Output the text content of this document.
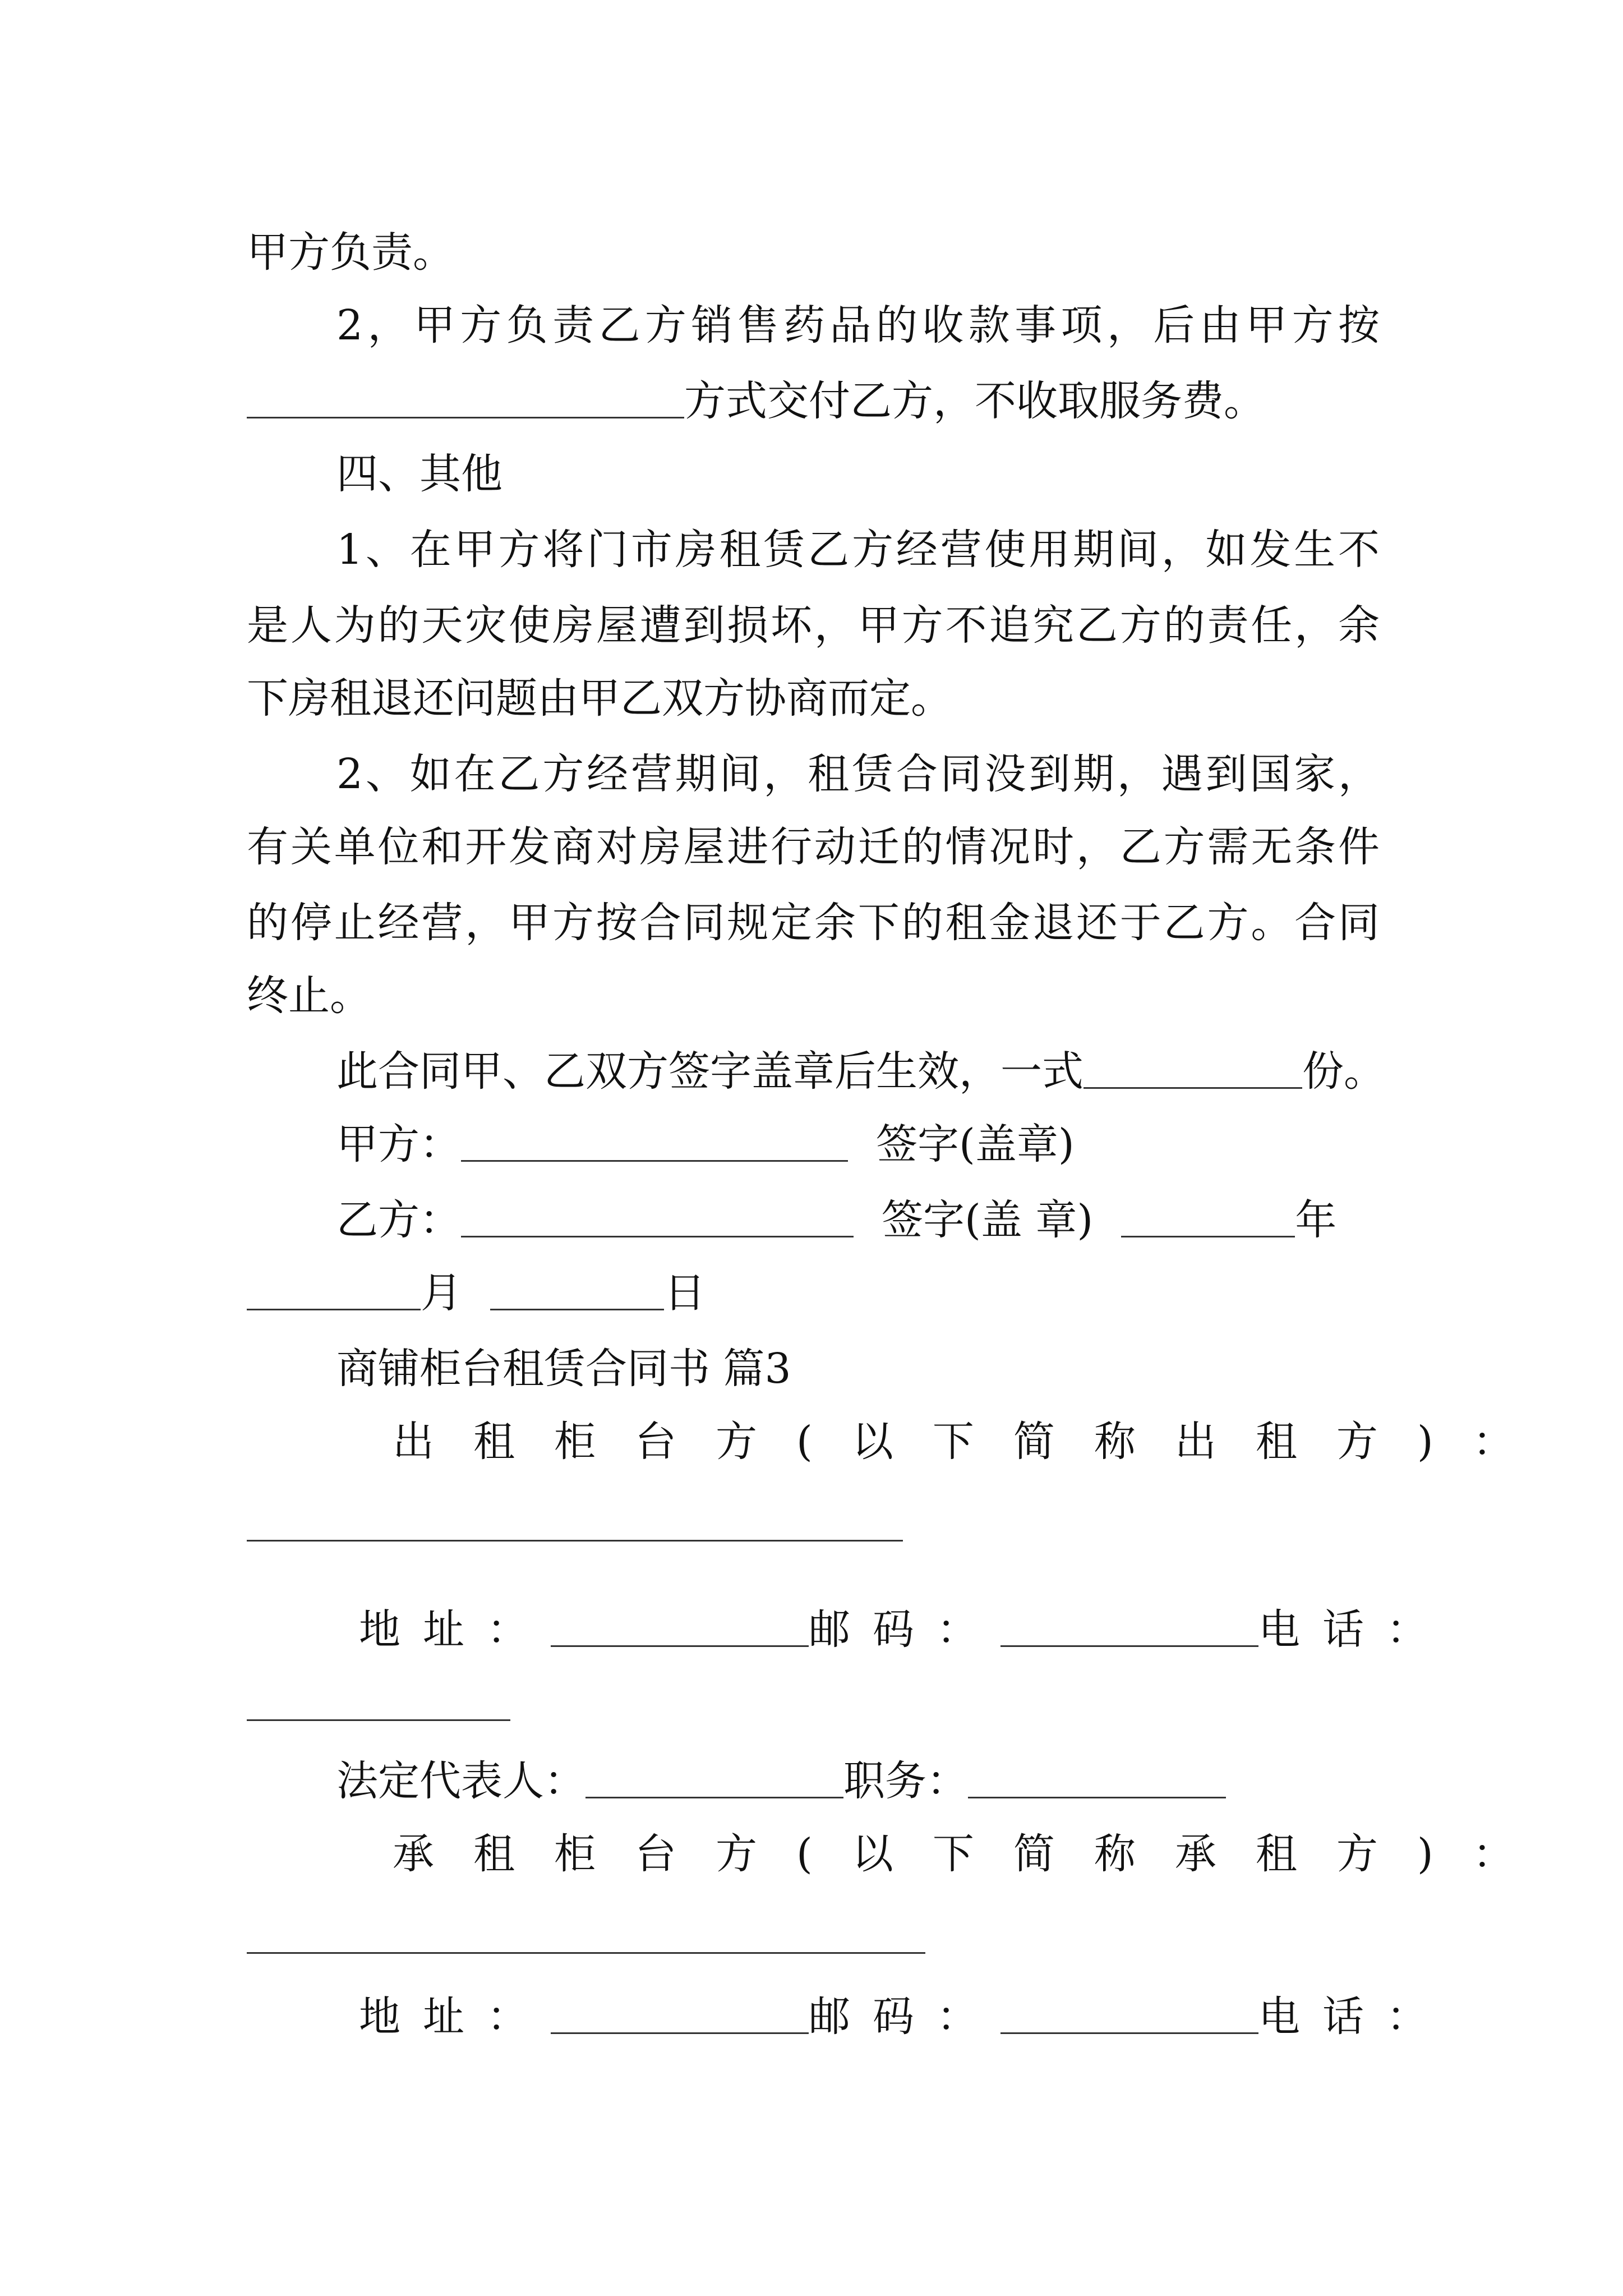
甲方负责。
2，甲方负责乙方销售药品的收款事项，后由甲方按
方式交付乙方，不收取服务费。
四、其他
1、在甲方将门市房租赁乙方经营使用期间，如发生不
是人为的天灾使房屋遭到损坏，甲方不追究乙方的责任，余
下房租退还问题由甲乙双方协商而定。
2、如在乙方经营期间，租赁合同没到期，遇到国家，
有关单位和开发商对房屋进行动迁的情况时，乙方需无条件
的停止经营，甲方按合同规定余下的租金退还于乙方。合同
终止。
此合同甲、乙双方签字盖章后生效，一式	份。
甲方：	签字(盖章)
乙方：	签字(盖 章)	年
月	日
商铺柜台租赁合同书 篇3
出租柜台方(以下简称出租方)：
地址：	邮码：	电话：
法定代表人：	职务：
承租柜台方(以下简称承租方)：
地址：	邮码：	电话：
